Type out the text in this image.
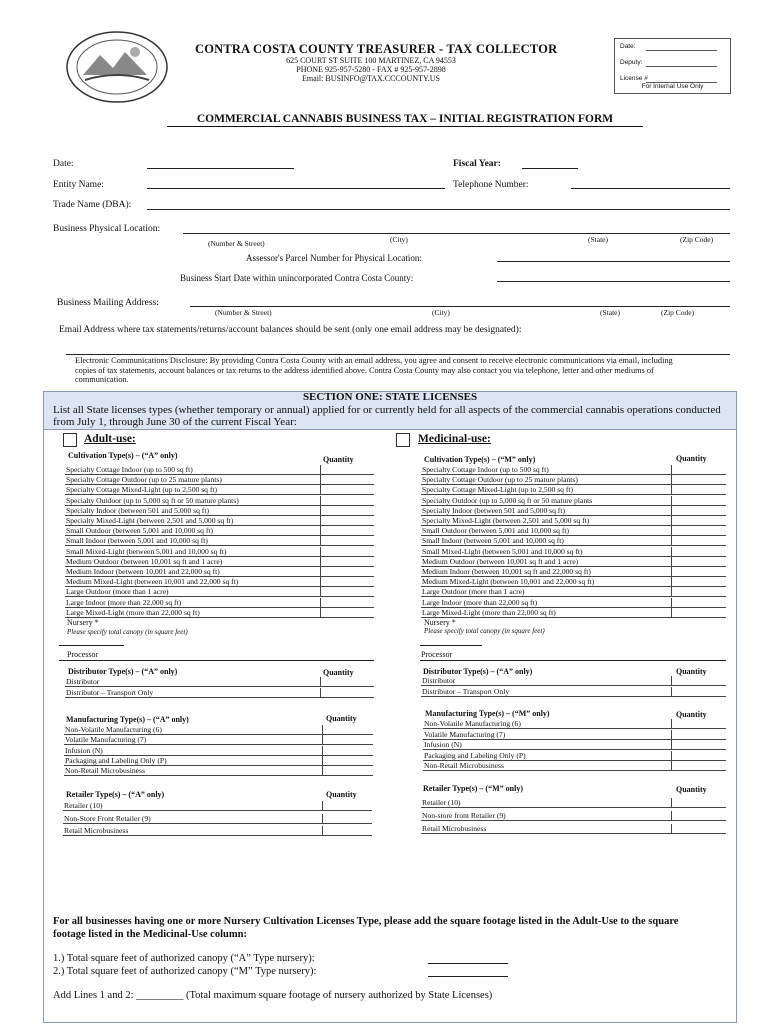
CONTRA COSTA COUNTY TREASURER - TAX COLLECTOR
625 COURT ST SUITE 100 MARTINEZ, CA 94553
PHONE 925-957-5280 - FAX # 925-957-2898
Email: BUSINFO@TAX.CCCOUNTY.US
Date:
Deputy:
License #
For Internal Use Only
COMMERCIAL CANNABIS BUSINESS TAX – INITIAL REGISTRATION FORM
Date:	Fiscal Year:
Entity Name:	Telephone Number:
Trade Name (DBA):
Business Physical Location:
(Number & Street)	(City)	(State)	(Zip Code)
Assessor's Parcel Number for Physical Location:
Business Start Date within unincorporated Contra Costa County:
Business Mailing Address:
(Number & Street)	(City)	(State)	(Zip Code)
Email Address where tax statements/returns/account balances should be sent (only one email address may be designated):
Electronic Communications Disclosure: By providing Contra Costa County with an email address, you agree and consent to receive electronic communications via email, including copies of tax statements, account balances or tax returns to the address identified above. Contra Costa County may also contact you via telephone, letter and other mediums of communication.
SECTION ONE: STATE LICENSES
List all State licenses types (whether temporary or annual) applied for or currently held for all aspects of the commercial cannabis operations conducted from July 1, through June 30 of the current Fiscal Year:
Adult-use:
Cultivation Type(s) – (“A” only)	Quantity
Specialty Cottage Indoor (up to 500 sq ft)
Specialty Cottage Outdoor (up to 25 mature plants)
Specialty Cottage Mixed-Light (up to 2,500 sq ft)
Specialty Outdoor (up to 5,000 sq ft or 50 mature plants)
Specialty Indoor (between 501 and 5,000 sq ft)
Specialty Mixed-Light (between 2,501 and 5,000 sq ft)
Small Outdoor (between 5,001 and 10,000 sq ft)
Small Indoor (between 5,001 and 10,000 sq ft)
Small Mixed-Light (between 5,001 and 10,000 sq ft)
Medium Outdoor (between 10,001 sq ft and 1 acre)
Medium Indoor (between 10,001 and 22,000 sq ft)
Medium Mixed-Light (between 10,001 and 22,000 sq ft)
Large Outdoor (more than 1 acre)
Large Indoor (more than 22,000 sq ft)
Large Mixed-Light (more than 22,000 sq ft)
Nursery *
Please specify total canopy (in square feet)
Processor
Distributor Type(s) – (“A” only)	Quantity
Distributor
Distributor – Transport Only
Manufacturing Type(s) – (“A” only)	Quantity
Non-Volatile Manufacturing (6)
Volatile Manufacturing (7)
Infusion (N)
Packaging and Labeling Only (P)
Non-Retail Microbusiness
Retailer Type(s) – (“A” only)	Quantity
Retailer (10)
Non-Store Front Retailer (9)
Retail Microbusiness
Medicinal-use:
Cultivation Type(s) – (“M” only)	Quantity
Specialty Cottage Indoor (up to 500 sq ft)
Specialty Cottage Outdoor (up to 25 mature plants)
Specialty Cottage Mixed-Light (up to 2,500 sq ft)
Specialty Outdoor (up to 5,000 sq ft or 50 mature plants
Specialty Indoor (between 501 and 5,000 sq ft)
Specialty Mixed-Light (between 2,501 and 5,000 sq ft)
Small Outdoor (between 5,001 and 10,000 sq ft)
Small Indoor (between 5,001 and 10,000 sq ft)
Small Mixed-Light (between 5,001 and 10,000 sq ft)
Medium Outdoor (between 10,001 sq ft and 1 acre)
Medium Indoor (between 10,001 sq ft and 22,000 sq ft)
Medium Mixed-Light (between 10,001 and 22,000 sq ft)
Large Outdoor (more than 1 acre)
Large Indoor (more than 22,000 sq ft)
Large Mixed-Light (more than 22,000 sq ft)
Nursery *
Please specify total canopy (in square feet)
Processor
Distributor Type(s) – (“A” only)	Quantity
Distributor
Distributor – Transport Only
Manufacturing Type(s) – (“M” only)	Quantity
Non-Volatile Manufacturing (6)
Volatile Manufacturing (7)
Infusion (N)
Packaging and Labeling Only (P)
Non-Retail Microbusiness
Retailer Type(s) – (“M” only)	Quantity
Retailer (10)
Non-store front Retailer (9)
Retail Microbusiness
For all businesses having one or more Nursery Cultivation Licenses Type, please add the square footage listed in the Adult-Use to the square footage listed in the Medicinal-Use column:
1.) Total square feet of authorized canopy (“A” Type nursery):
2.) Total square feet of authorized canopy (“M” Type nursery):
Add Lines 1 and 2: _________ (Total maximum square footage of nursery authorized by State Licenses)
